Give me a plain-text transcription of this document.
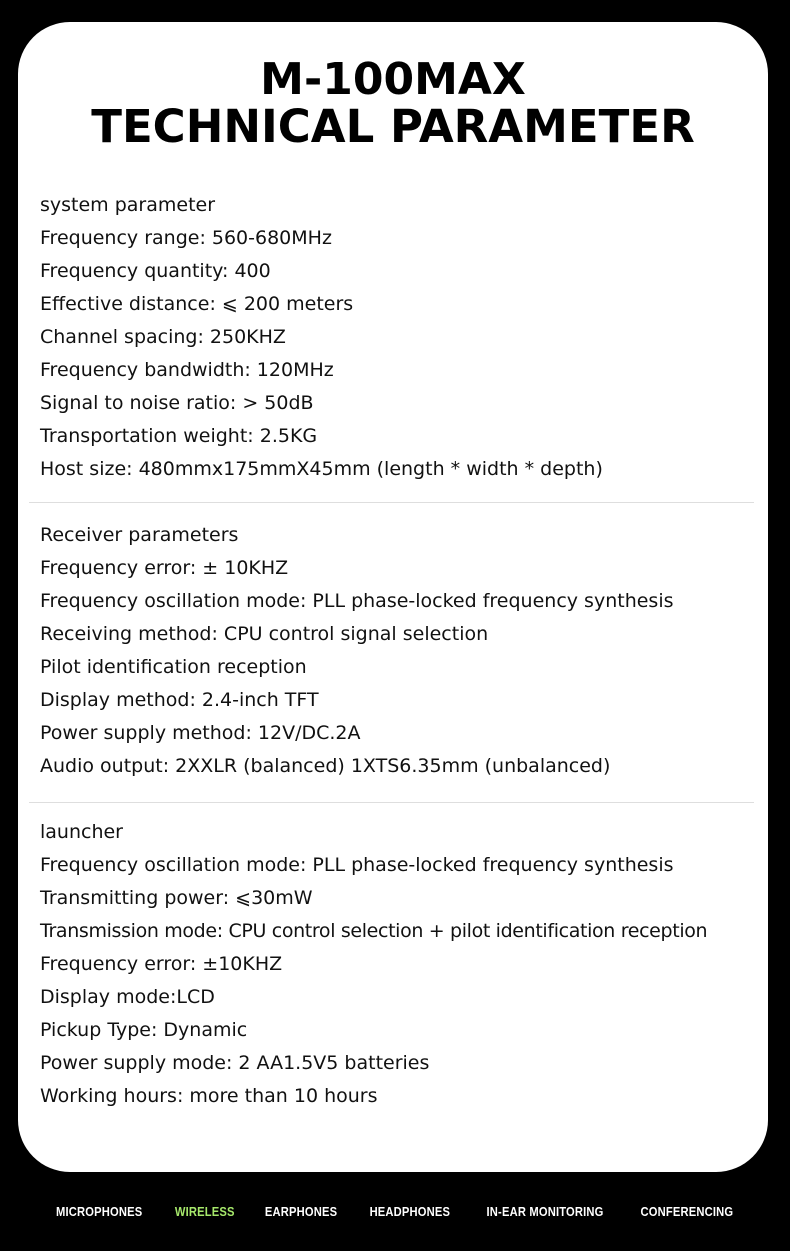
M-100MAX
TECHNICAL PARAMETER
system parameter
Frequency range: 560-680MHz
Frequency quantity: 400
Effective distance: ⩽ 200 meters
Channel spacing: 250KHZ
Frequency bandwidth: 120MHz
Signal to noise ratio: > 50dB
Transportation weight: 2.5KG
Host size: 480mmx175mmX45mm (length * width * depth)
Receiver parameters
Frequency error: ± 10KHZ
Frequency oscillation mode: PLL phase-locked frequency synthesis
Receiving method: CPU control signal selection
Pilot identification reception
Display method: 2.4-inch TFT
Power supply method: 12V/DC.2A
Audio output: 2XXLR (balanced) 1XTS6.35mm (unbalanced)
launcher
Frequency oscillation mode: PLL phase-locked frequency synthesis
Transmitting power: ⩽30mW
Transmission mode: CPU control selection + pilot identification reception
Frequency error: ±10KHZ
Display mode:LCD
Pickup Type: Dynamic
Power supply mode: 2 AA1.5V5 batteries
Working hours: more than 10 hours
MICROPHONES WIRELESS EARPHONES HEADPHONES	IN-EAR MONITORING	CONFERENCING
